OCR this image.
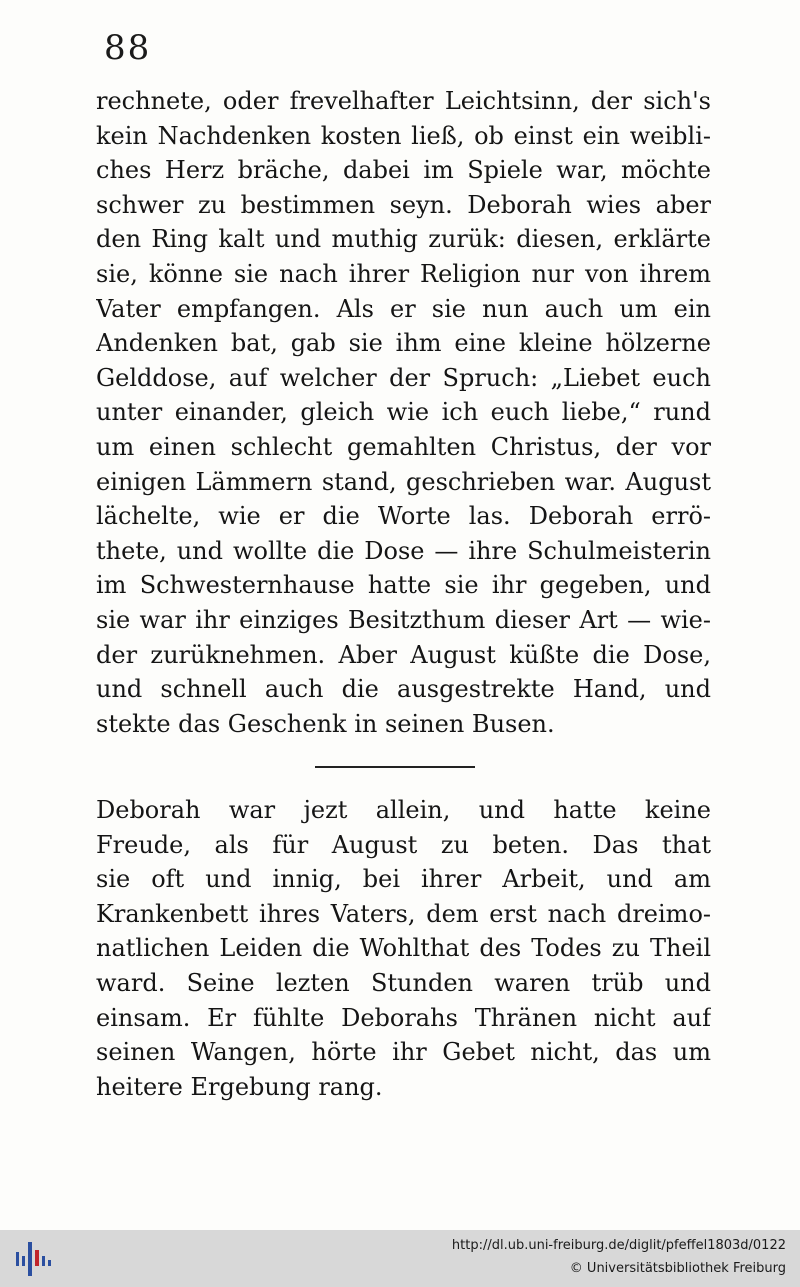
88
rechnete, oder frevelhafter Leichtsinn, der sich's
kein Nachdenken kosten ließ, ob einst ein weibli-
ches Herz bräche, dabei im Spiele war, möchte
schwer zu bestimmen seyn. Deborah wies aber
den Ring kalt und muthig zurük: diesen, erklärte
sie, könne sie nach ihrer Religion nur von ihrem
Vater empfangen. Als er sie nun auch um ein
Andenken bat, gab sie ihm eine kleine hölzerne
Gelddose, auf welcher der Spruch: „Liebet euch
unter einander, gleich wie ich euch liebe,“ rund
um einen schlecht gemahlten Christus, der vor
einigen Lämmern stand, geschrieben war. August
lächelte, wie er die Worte las. Deborah errö-
thete, und wollte die Dose — ihre Schulmeisterin
im Schwesternhause hatte sie ihr gegeben, und
sie war ihr einziges Besitzthum dieser Art — wie-
der zurüknehmen. Aber August küßte die Dose,
und schnell auch die ausgestrekte Hand, und
stekte das Geschenk in seinen Busen.
Deborah war jezt allein, und hatte keine
Freude, als für August zu beten. Das that
sie oft und innig, bei ihrer Arbeit, und am
Krankenbett ihres Vaters, dem erst nach dreimo-
natlichen Leiden die Wohlthat des Todes zu Theil
ward. Seine lezten Stunden waren trüb und
einsam. Er fühlte Deborahs Thränen nicht auf
seinen Wangen, hörte ihr Gebet nicht, das um
heitere Ergebung rang.
http://dl.ub.uni-freiburg.de/diglit/pfeffel1803d/0122
© Universitätsbibliothek Freiburg
